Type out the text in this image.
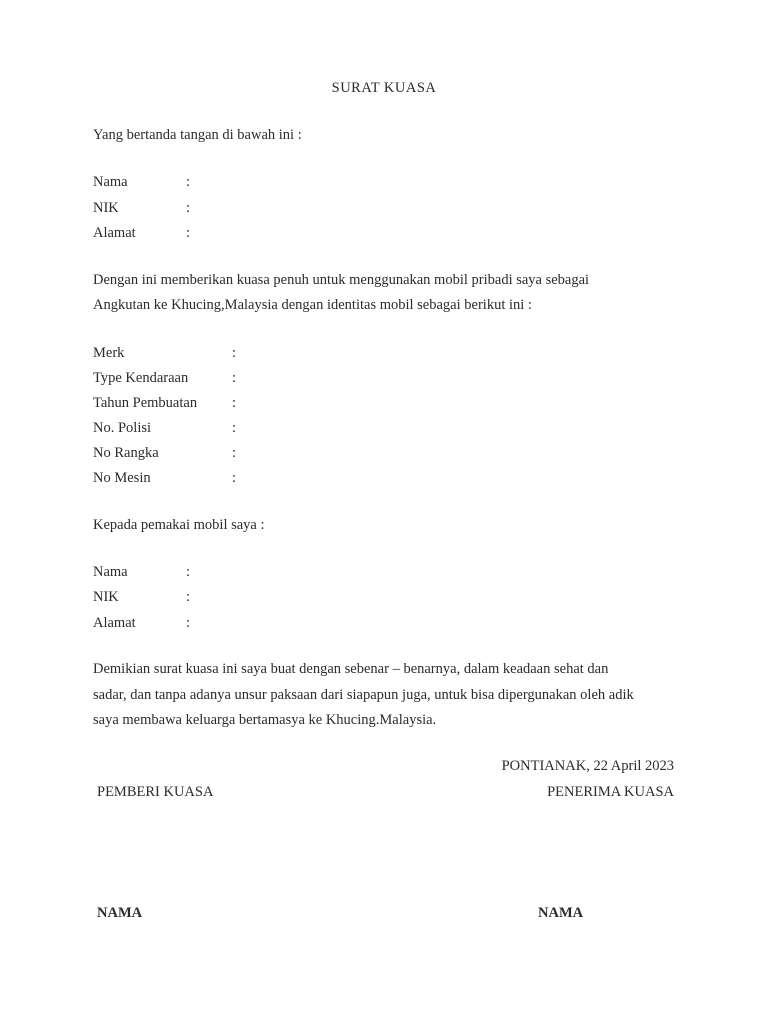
SURAT KUASA
Yang bertanda tangan di bawah ini :
Nama	:
NIK	:
Alamat	:
Dengan ini memberikan kuasa penuh untuk menggunakan mobil pribadi saya sebagai
Angkutan ke Khucing,Malaysia dengan identitas mobil sebagai berikut ini :
Merk	:
Type Kendaraan	:
Tahun Pembuatan :
No. Polisi	:
No Rangka	:
No Mesin	:
Kepada pemakai mobil saya :
Nama	:
NIK	:
Alamat	:
Demikian surat kuasa ini saya buat dengan sebenar – benarnya, dalam keadaan sehat dan
sadar, dan tanpa adanya unsur paksaan dari siapapun juga, untuk bisa dipergunakan oleh adik
saya membawa keluarga bertamasya ke Khucing.Malaysia.
PONTIANAK, 22 April 2023
PEMBERI KUASA	PENERIMA KUASA
NAMA	NAMA
